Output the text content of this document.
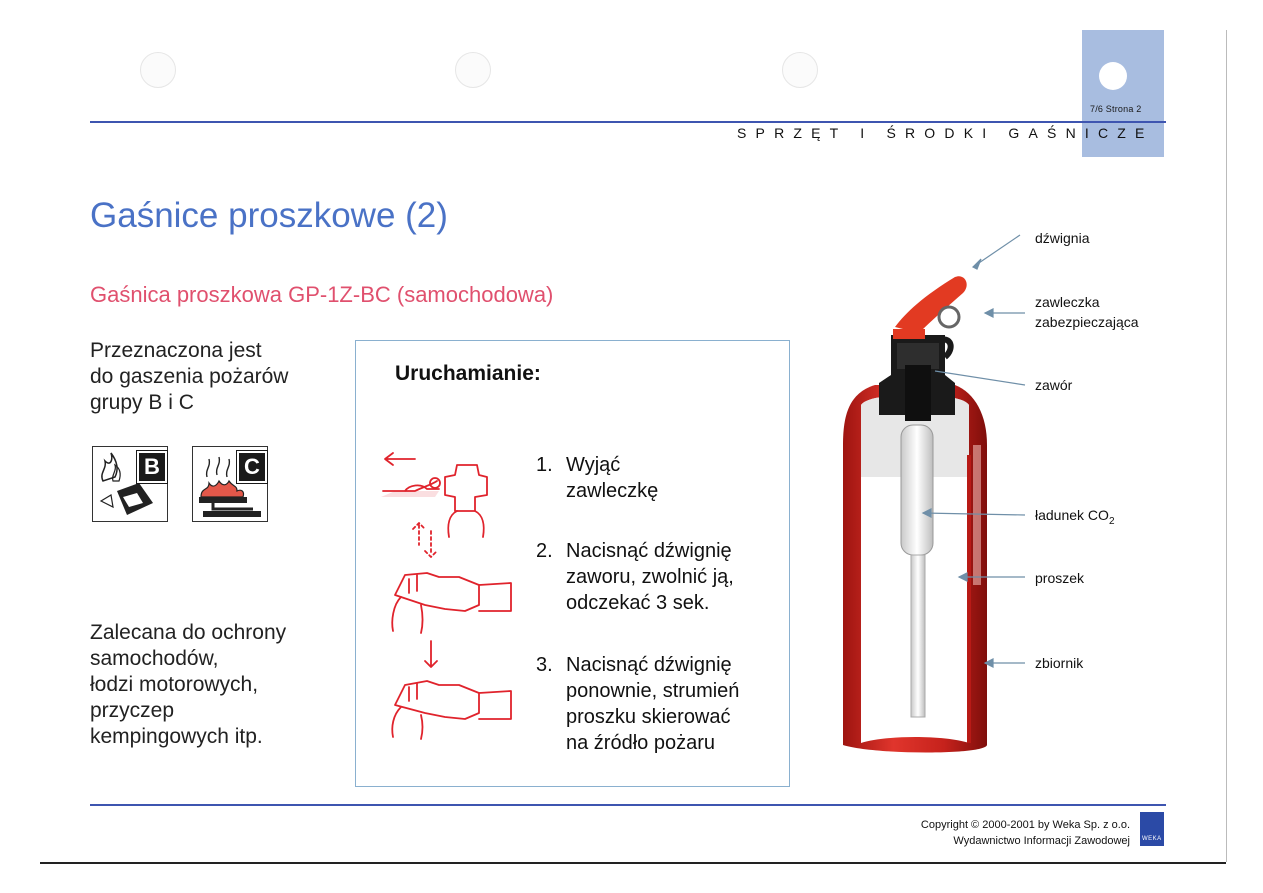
7/6 Strona 2
SPRZĘT I ŚRODKI GAŚNICZE
Gaśnice proszkowe (2)
Gaśnica proszkowa GP-1Z-BC (samochodowa)
Przeznaczona jest
do gaszenia pożarów
grupy B i C
B	C
Zalecana do ochrony
samochodów,
łodzi motorowych,
przyczep
kempingowych itp.
Uruchamianie:
1. Wyjąć
zawleczkę
2. Nacisnąć dźwignię
zaworu, zwolnić ją,
odczekać 3 sek.
3. Nacisnąć dźwignię
ponownie, strumień
proszku skierować
na źródło pożaru
dźwignia
zawleczka
zabezpieczająca
zawór
ładunek $CO_2$
proszek
zbiornik
Copyright © 2000-2001 by Weka Sp. z o.o.
Wydawnictwo Informacji Zawodowej WEKA
